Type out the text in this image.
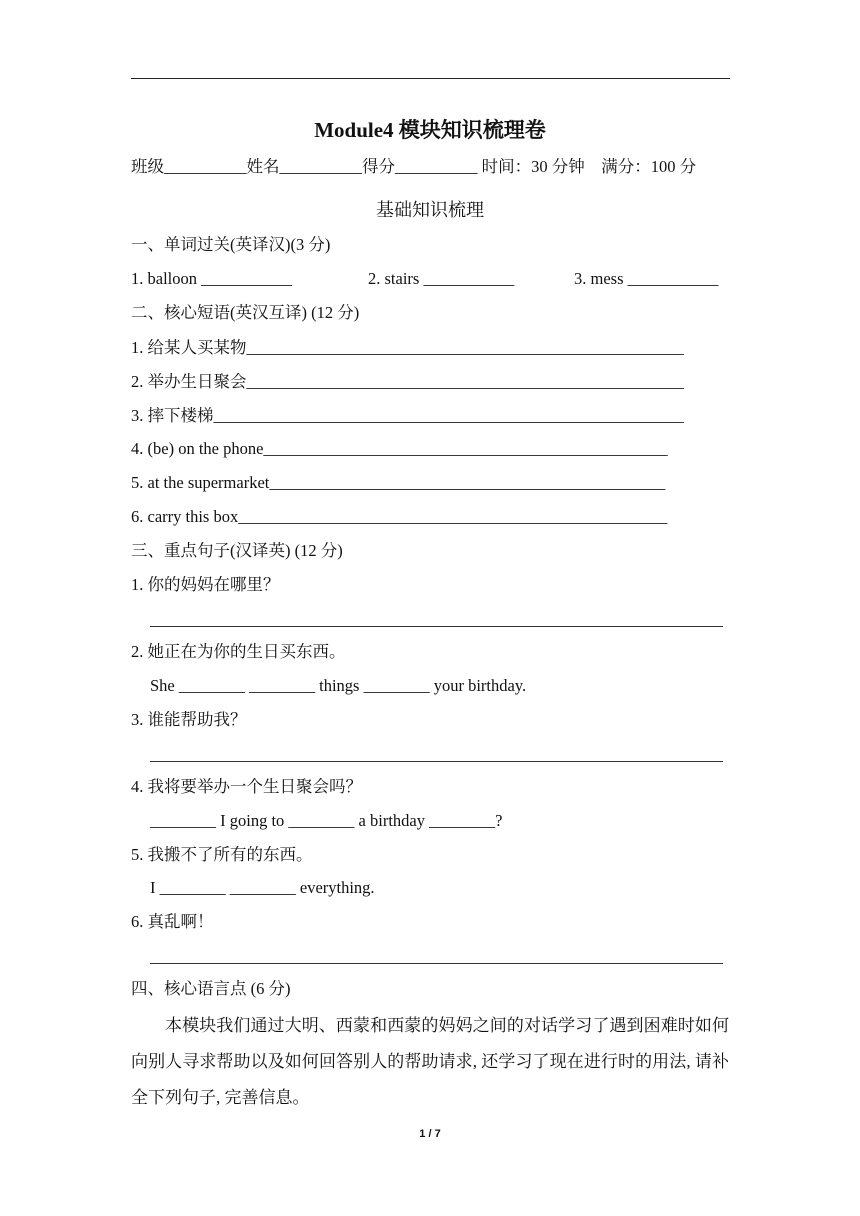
Module4 模块知识梳理卷
班级__________姓名__________得分__________ 时间：30 分钟　满分：100 分
基础知识梳理
一、单词过关(英译汉)(3 分)
1. balloon ___________	2. stairs ___________	3. mess ___________
二、核心短语(英汉互译) (12 分)
1. 给某人买某物_____________________________________________________
2. 举办生日聚会_____________________________________________________
3. 摔下楼梯_________________________________________________________
4. (be) on the phone_________________________________________________
5. at the supermarket________________________________________________
6. carry this box____________________________________________________
三、重点句子(汉译英) (12 分)
1. 你的妈妈在哪里？
2. 她正在为你的生日买东西。
She ________ ________ things ________ your birthday.
3. 谁能帮助我？
4. 我将要举办一个生日聚会吗？
________ I going to ________ a birthday ________?
5. 我搬不了所有的东西。
I ________ ________ everything.
6. 真乱啊！
四、核心语言点 (6 分)
本模块我们通过大明、西蒙和西蒙的妈妈之间的对话学习了遇到困难时如何向别人寻求帮助以及如何回答别人的帮助请求, 还学习了现在进行时的用法, 请补全下列句子, 完善信息。
1 / 7
